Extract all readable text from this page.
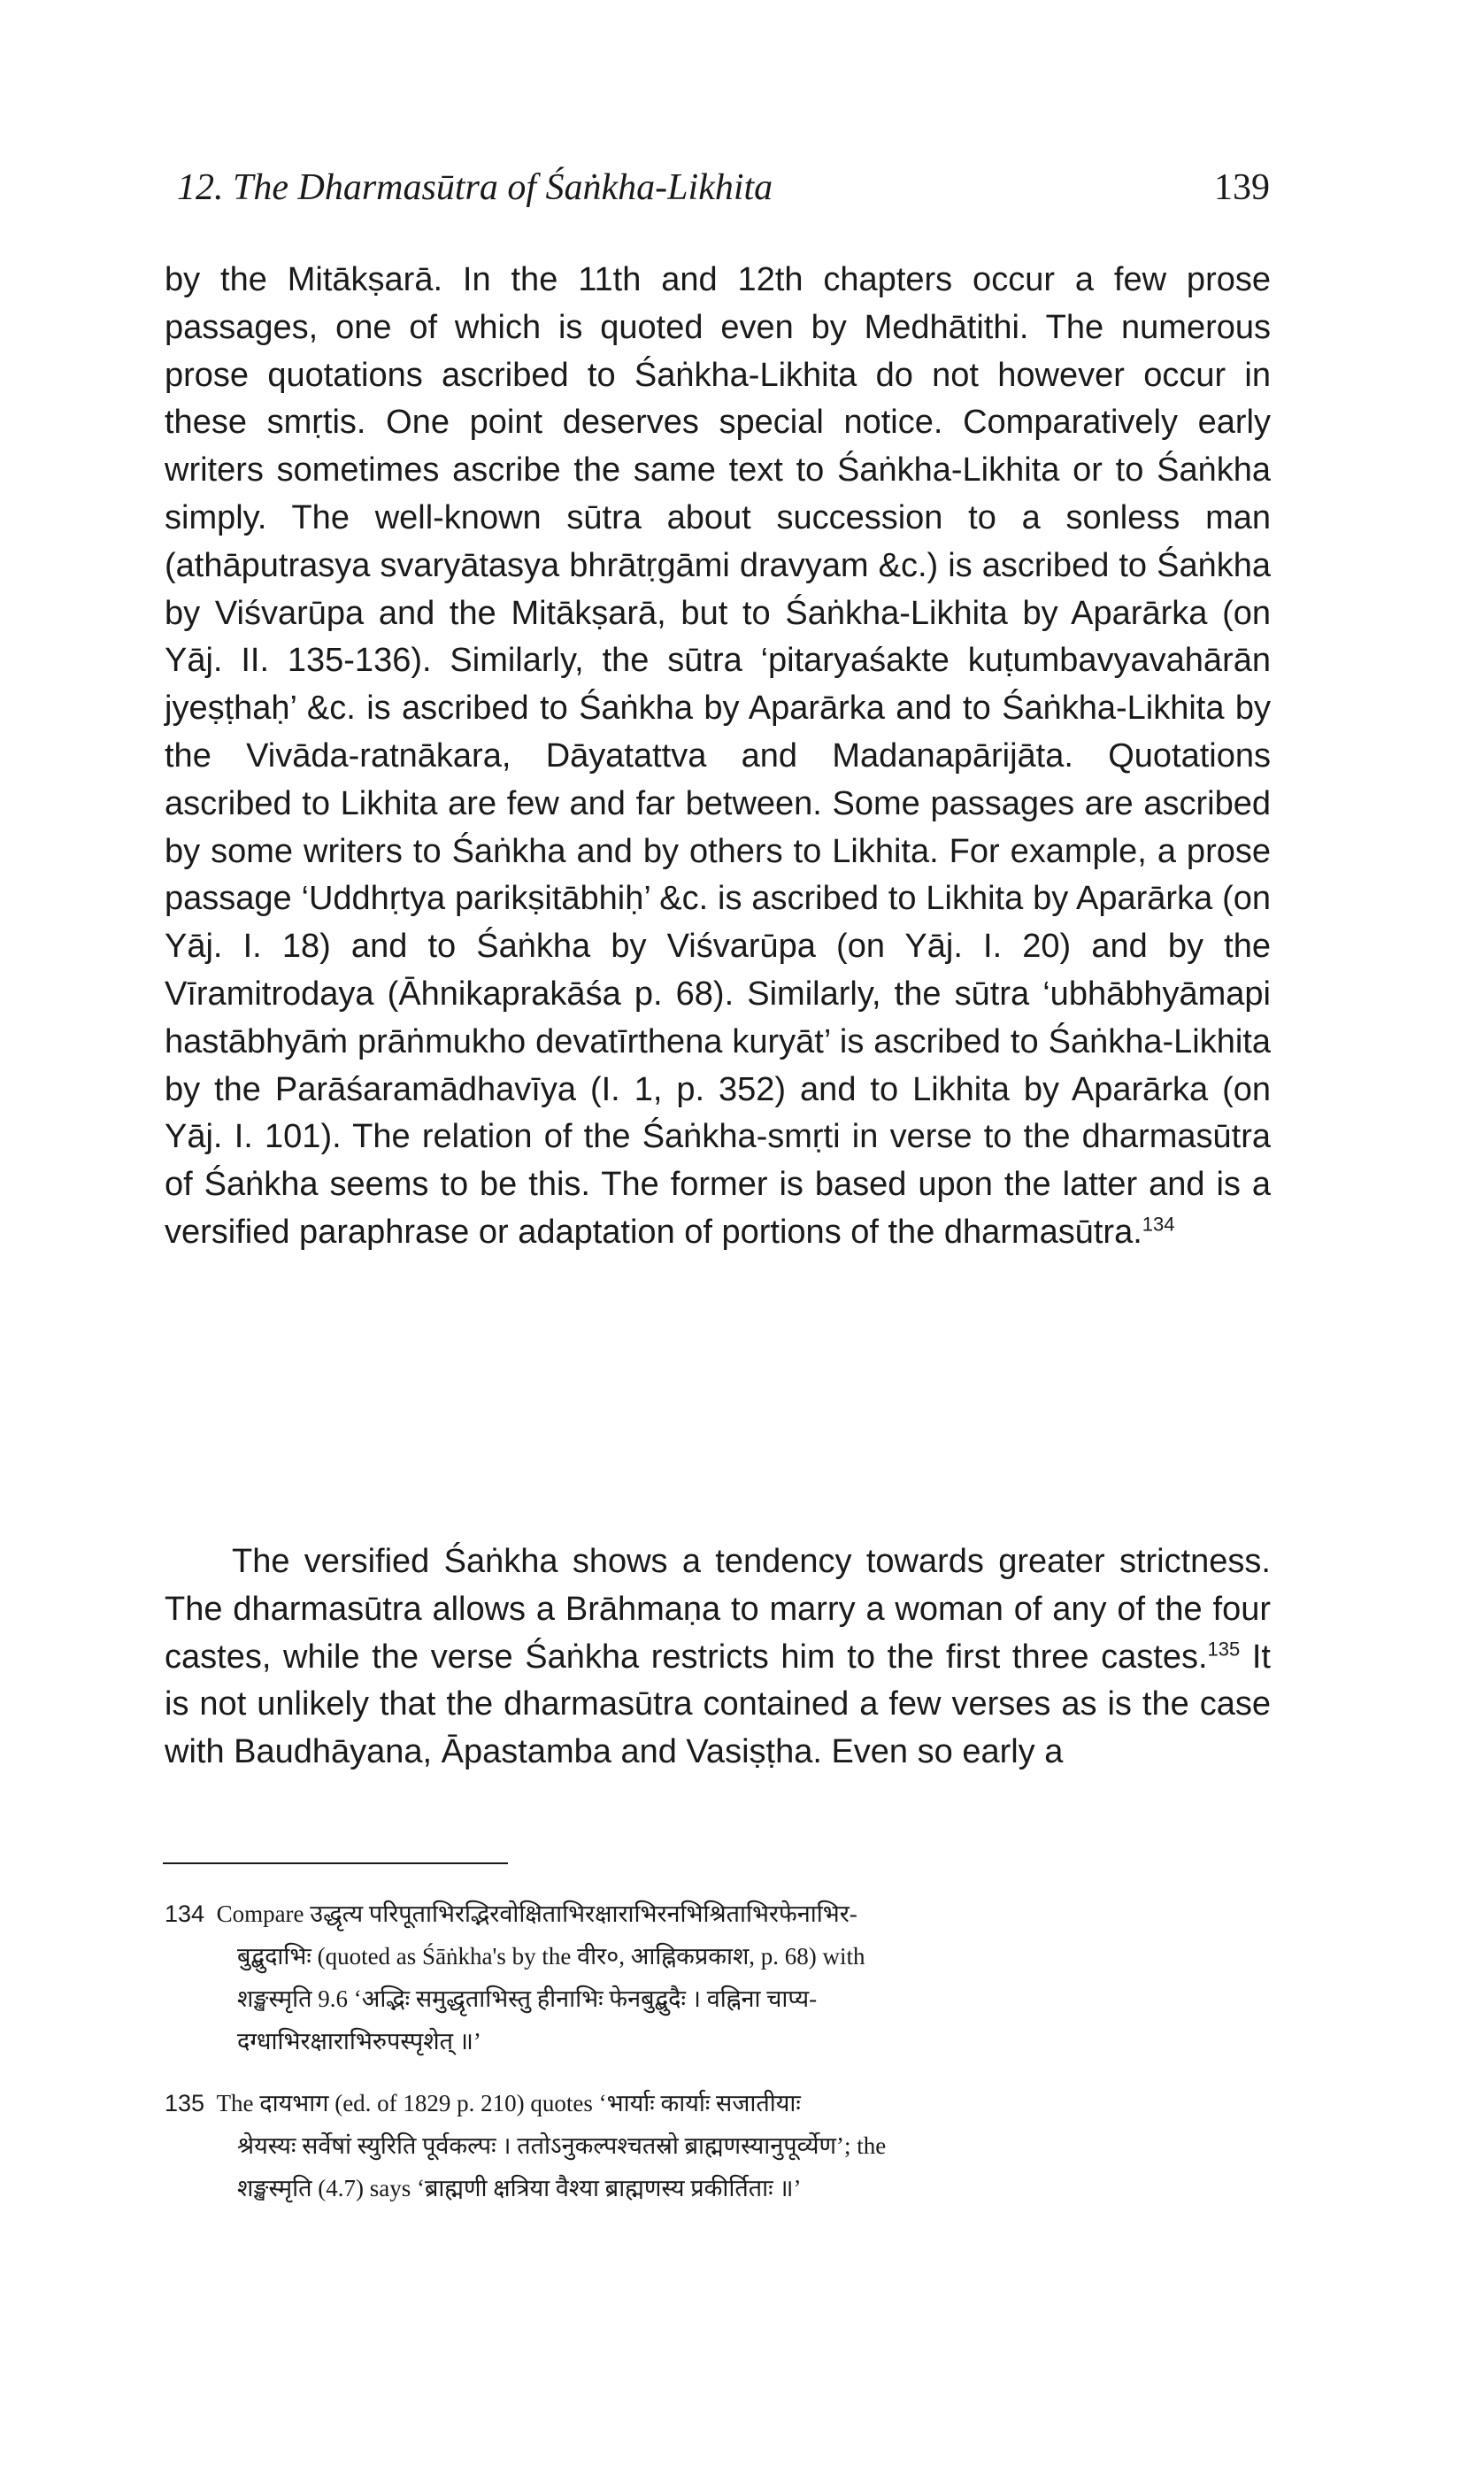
12. The Dharmasūtra of Śaṅkha-Likhita	139

by the Mitākṣarā. In the 11th and 12th chapters occur a few prose passages, one of which is quoted even by Medhātithi. The numerous prose quotations ascribed to Śaṅkha-Likhita do not however occur in these smṛtis. One point deserves special notice. Comparatively early writers sometimes ascribe the same text to Śaṅkha-Likhita or to Śaṅkha simply. The well-known sūtra about succession to a sonless man (athāputrasya svaryātasya bhrātṛgāmi dravyam &c.) is ascribed to Śaṅkha by Viśvarūpa and the Mitākṣarā, but to Śaṅkha-Likhita by Aparārka (on Yāj. II. 135-136). Similarly, the sūtra ‘pitaryaśakte kuṭumbavyavahārān jyeṣṭhaḥ’ &c. is ascribed to Śaṅkha by Aparārka and to Śaṅkha-Likhita by the Vivāda-ratnākara, Dāyatattva and Madanapārijāta. Quotations ascribed to Likhita are few and far between. Some passages are ascribed by some writers to Śaṅkha and by others to Likhita. For example, a prose passage ‘Uddhṛtya parikṣitābhiḥ’ &c. is ascribed to Likhita by Aparārka (on Yāj. I. 18) and to Śaṅkha by Viśvarūpa (on Yāj. I. 20) and by the Vīramitrodaya (Āhnikaprakāśa p. 68). Similarly, the sūtra ‘ubhābhyāmapi hastābhyāṁ prāṅmukho devatīrthena kuryāt’ is ascribed to Śaṅkha-Likhita by the Parāśaramādhavīya (I. 1, p. 352) and to Likhita by Aparārka (on Yāj. I. 101). The relation of the Śaṅkha-smṛti in verse to the dharmasūtra of Śaṅkha seems to be this. The former is based upon the latter and is a versified paraphrase or adaptation of portions of the dharmasūtra.$^{134}$

The versified Śaṅkha shows a tendency towards greater strictness. The dharmasūtra allows a Brāhmaṇa to marry a woman of any of the four castes, while the verse Śaṅkha restricts him to the first three castes.$^{135}$ It is not unlikely that the dharmasūtra contained a few verses as is the case with Baudhāyana, Āpastamba and Vasiṣṭha. Even so early a

134 Compare उद्धृत्य परिपूताभिरद्भिरवोक्षिताभिरक्षाराभिरनभिश्रिताभिरफेनाभिर-
बुद्बुदाभिः (quoted as Śāṅkha's by the वीर०, आह्निकप्रकाश, p. 68) with
शङ्खस्मृति 9.6 ‘अद्भिः समुद्धृताभिस्तु हीनाभिः फेनबुद्बुदैः । वह्निना चाप्य-
दग्धाभिरक्षाराभिरुपस्पृशेत् ॥’
135 The दायभाग (ed. of 1829 p. 210) quotes ‘भार्याः कार्याः सजातीयाः
श्रेयस्यः सर्वेषां स्युरिति पूर्वकल्पः । ततोऽनुकल्पश्चतस्रो ब्राह्मणस्यानुपूर्व्येण’; the
शङ्खस्मृति (4.7) says ‘ब्राह्मणी क्षत्रिया वैश्या ब्राह्मणस्य प्रकीर्तिताः ॥’
